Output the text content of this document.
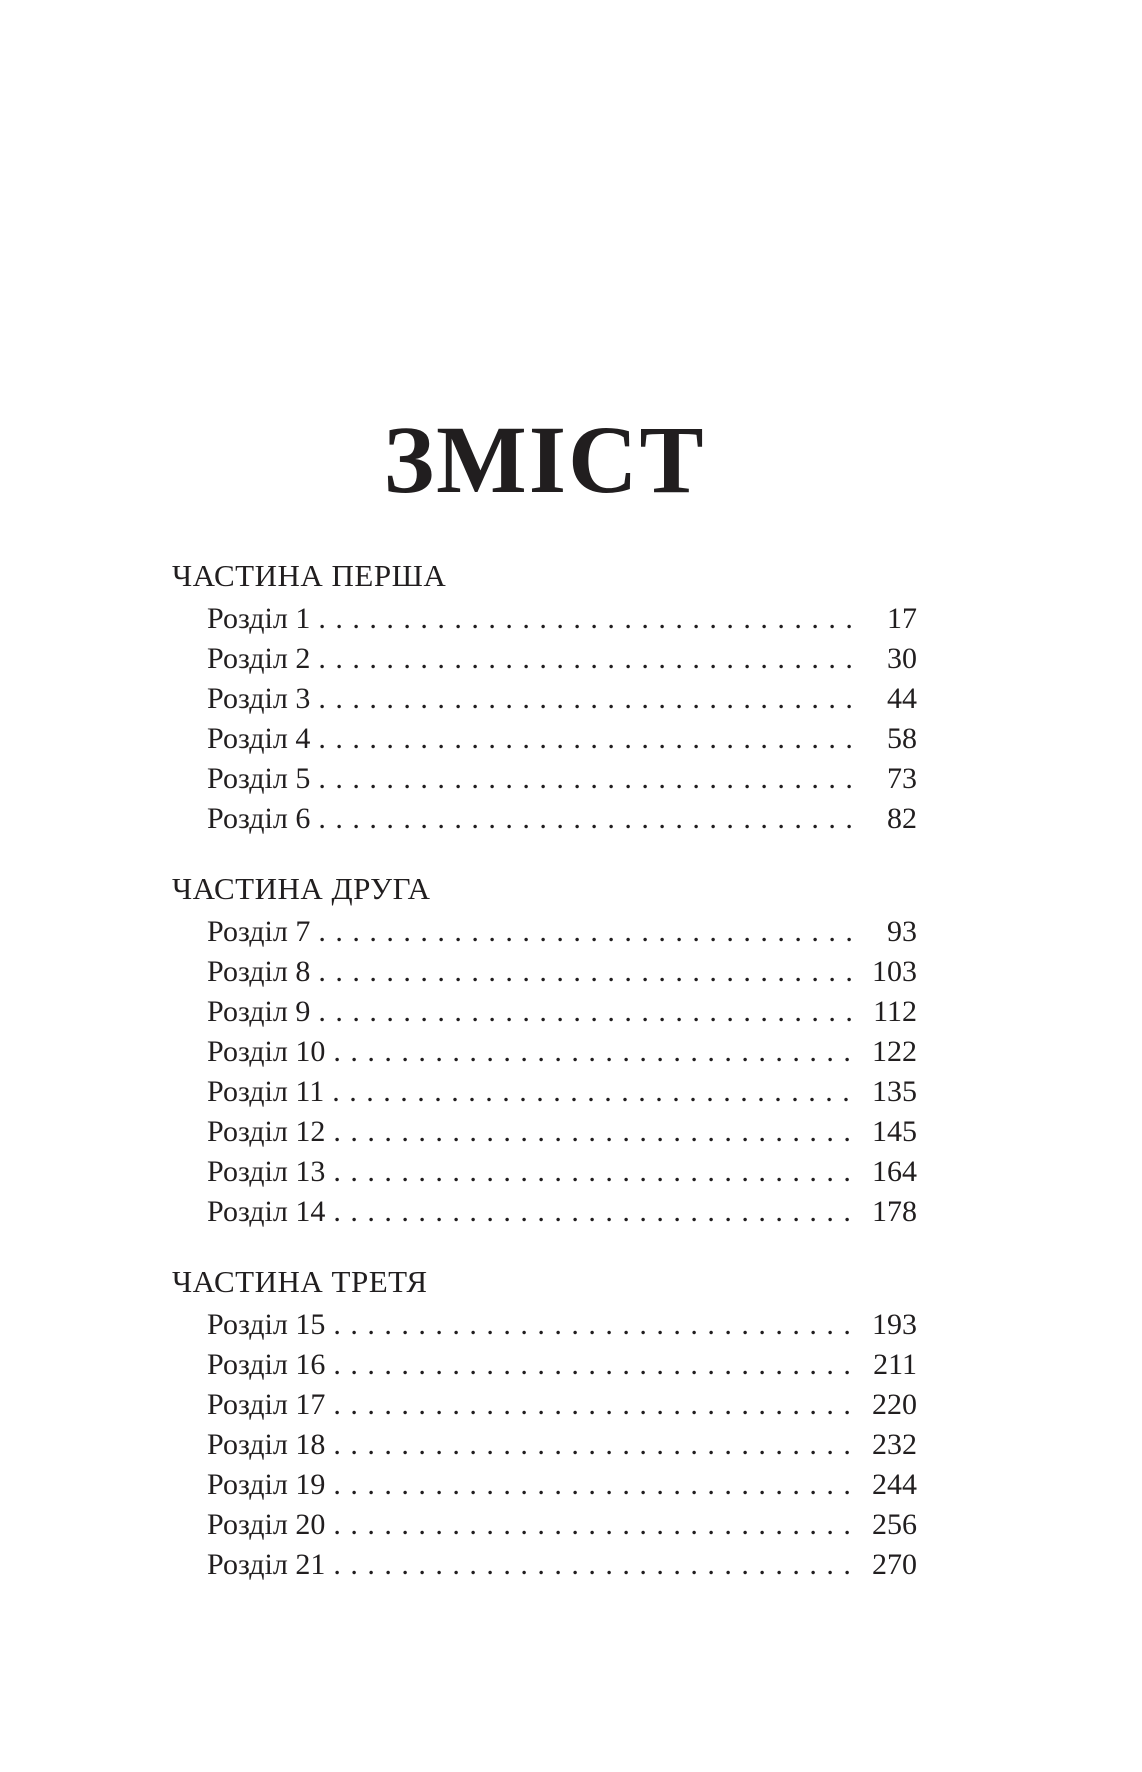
ЗМІСТ
ЧАСТИНА ПЕРША
Розділ 1 .....	17
Розділ 2 .....	30
Розділ 3 .....	44
Розділ 4 .....	58
Розділ 5 .....	73
Розділ 6 .....	82
ЧАСТИНА ДРУГА
Розділ 7 .....	93
Розділ 8 .....	103
Розділ 9 .....	112
Розділ 10 .....	122
Розділ 11 .....	135
Розділ 12 .....	145
Розділ 13 .....	164
Розділ 14 .....	178
ЧАСТИНА ТРЕТЯ
Розділ 15 .....	193
Розділ 16 .....	211
Розділ 17 .....	220
Розділ 18 .....	232
Розділ 19 .....	244
Розділ 20 .....	256
Розділ 21 .....	270
